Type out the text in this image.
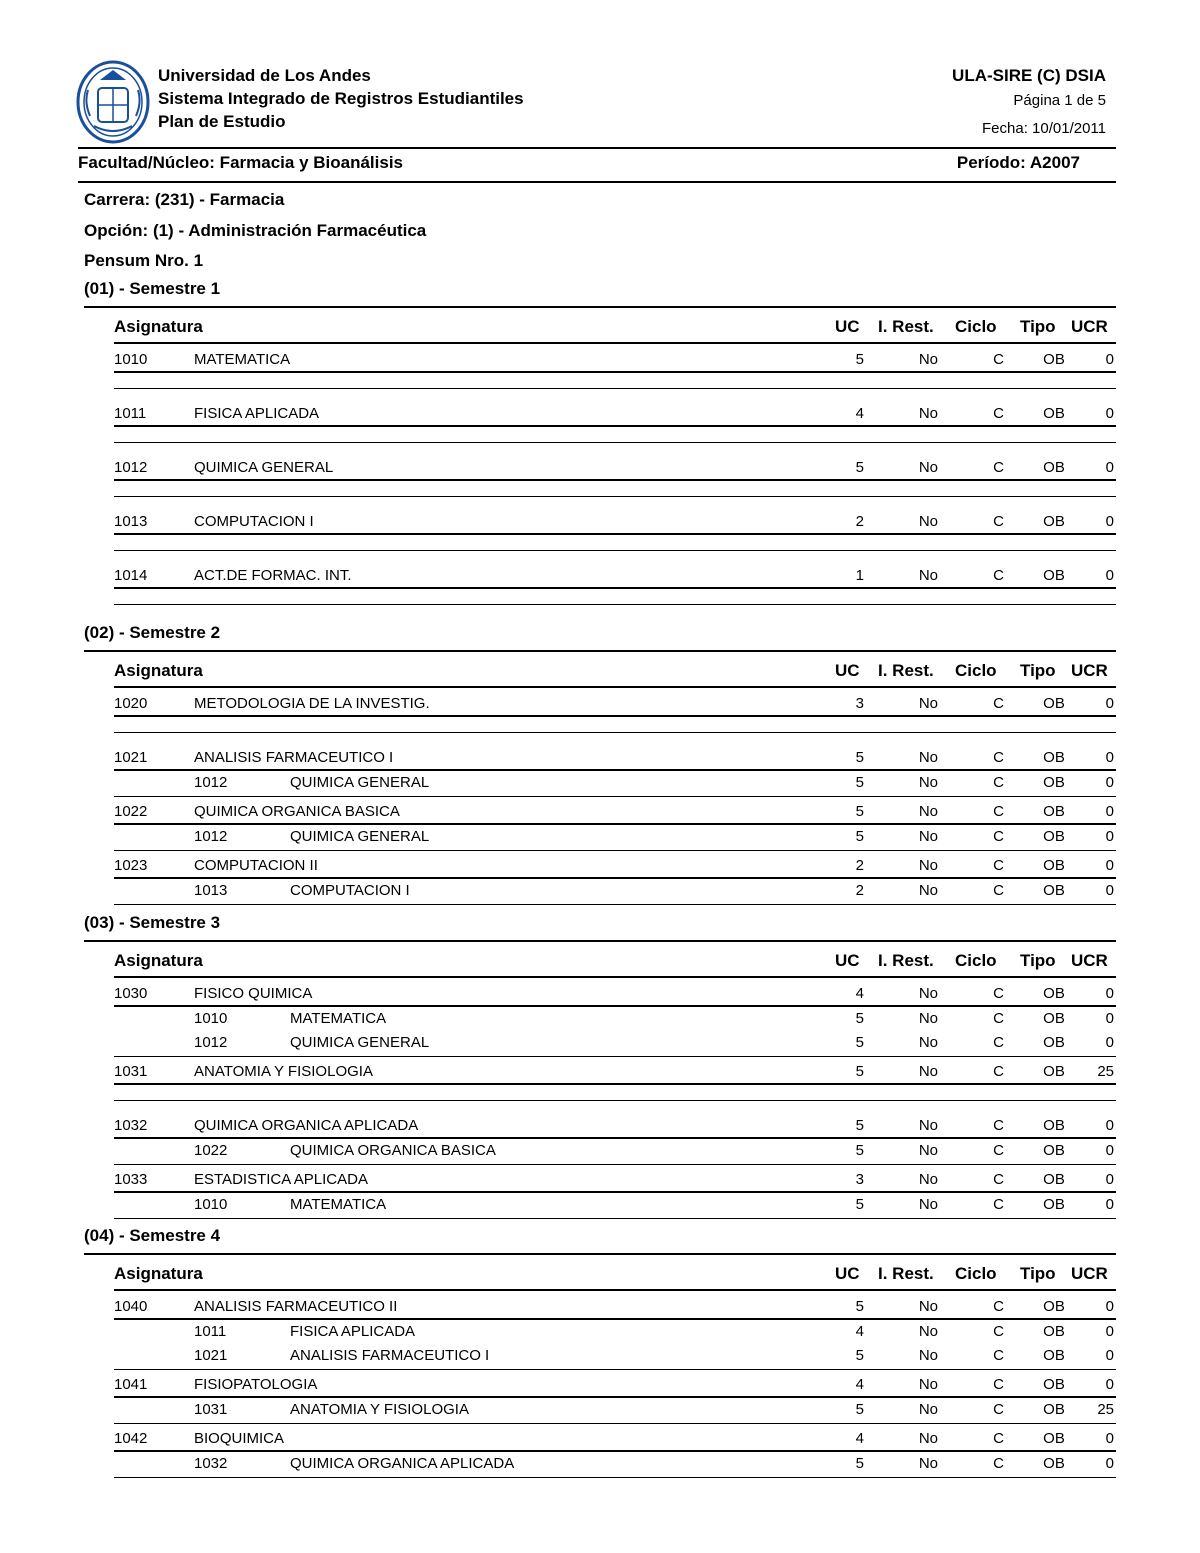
Universidad de Los Andes
Sistema Integrado de Registros Estudiantiles
Plan de Estudio
ULA-SIRE (C) DSIA
Página 1 de 5
Fecha: 10/01/2011
Facultad/Núcleo: Farmacia y Bioanálisis	Período: A2007
Carrera: (231) - Farmacia
Opción: (1) - Administración Farmacéutica
Pensum Nro. 1
(01) - Semestre 1
Asignatura	UC I. Rest. Ciclo Tipo UCR
1010	MATEMATICA	5	No	C	OB	0
1011	FISICA APLICADA	4	No	C	OB	0
1012	QUIMICA GENERAL	5	No	C	OB	0
1013	COMPUTACION I	2	No	C	OB	0
1014	ACT.DE FORMAC. INT.	1	No	C	OB	0
(02) - Semestre 2
Asignatura	UC I. Rest. Ciclo Tipo UCR
1020	METODOLOGIA DE LA INVESTIG.	3	No	C	OB	0
1021	ANALISIS FARMACEUTICO I	5	No	C	OB	0
1012	QUIMICA GENERAL	5	No	C	OB	0
1022	QUIMICA ORGANICA BASICA	5	No	C	OB	0
1012	QUIMICA GENERAL	5	No	C	OB	0
1023	COMPUTACION II	2	No	C	OB	0
1013	COMPUTACION I	2	No	C	OB	0
(03) - Semestre 3
Asignatura	UC I. Rest. Ciclo Tipo UCR
1030	FISICO QUIMICA	4	No	C	OB	0
1010	MATEMATICA	5	No	C	OB	0
1012	QUIMICA GENERAL	5	No	C	OB	0
1031	ANATOMIA Y FISIOLOGIA	5	No	C	OB	25
1032	QUIMICA ORGANICA APLICADA	5	No	C	OB	0
1022	QUIMICA ORGANICA BASICA	5	No	C	OB	0
1033	ESTADISTICA APLICADA	3	No	C	OB	0
1010	MATEMATICA	5	No	C	OB	0
(04) - Semestre 4
Asignatura	UC I. Rest. Ciclo Tipo UCR
1040	ANALISIS FARMACEUTICO II	5	No	C	OB	0
1011	FISICA APLICADA	4	No	C	OB	0
1021	ANALISIS FARMACEUTICO I	5	No	C	OB	0
1041	FISIOPATOLOGIA	4	No	C	OB	0
1031	ANATOMIA Y FISIOLOGIA	5	No	C	OB	25
1042	BIOQUIMICA	4	No	C	OB	0
1032	QUIMICA ORGANICA APLICADA	5	No	C	OB	0
